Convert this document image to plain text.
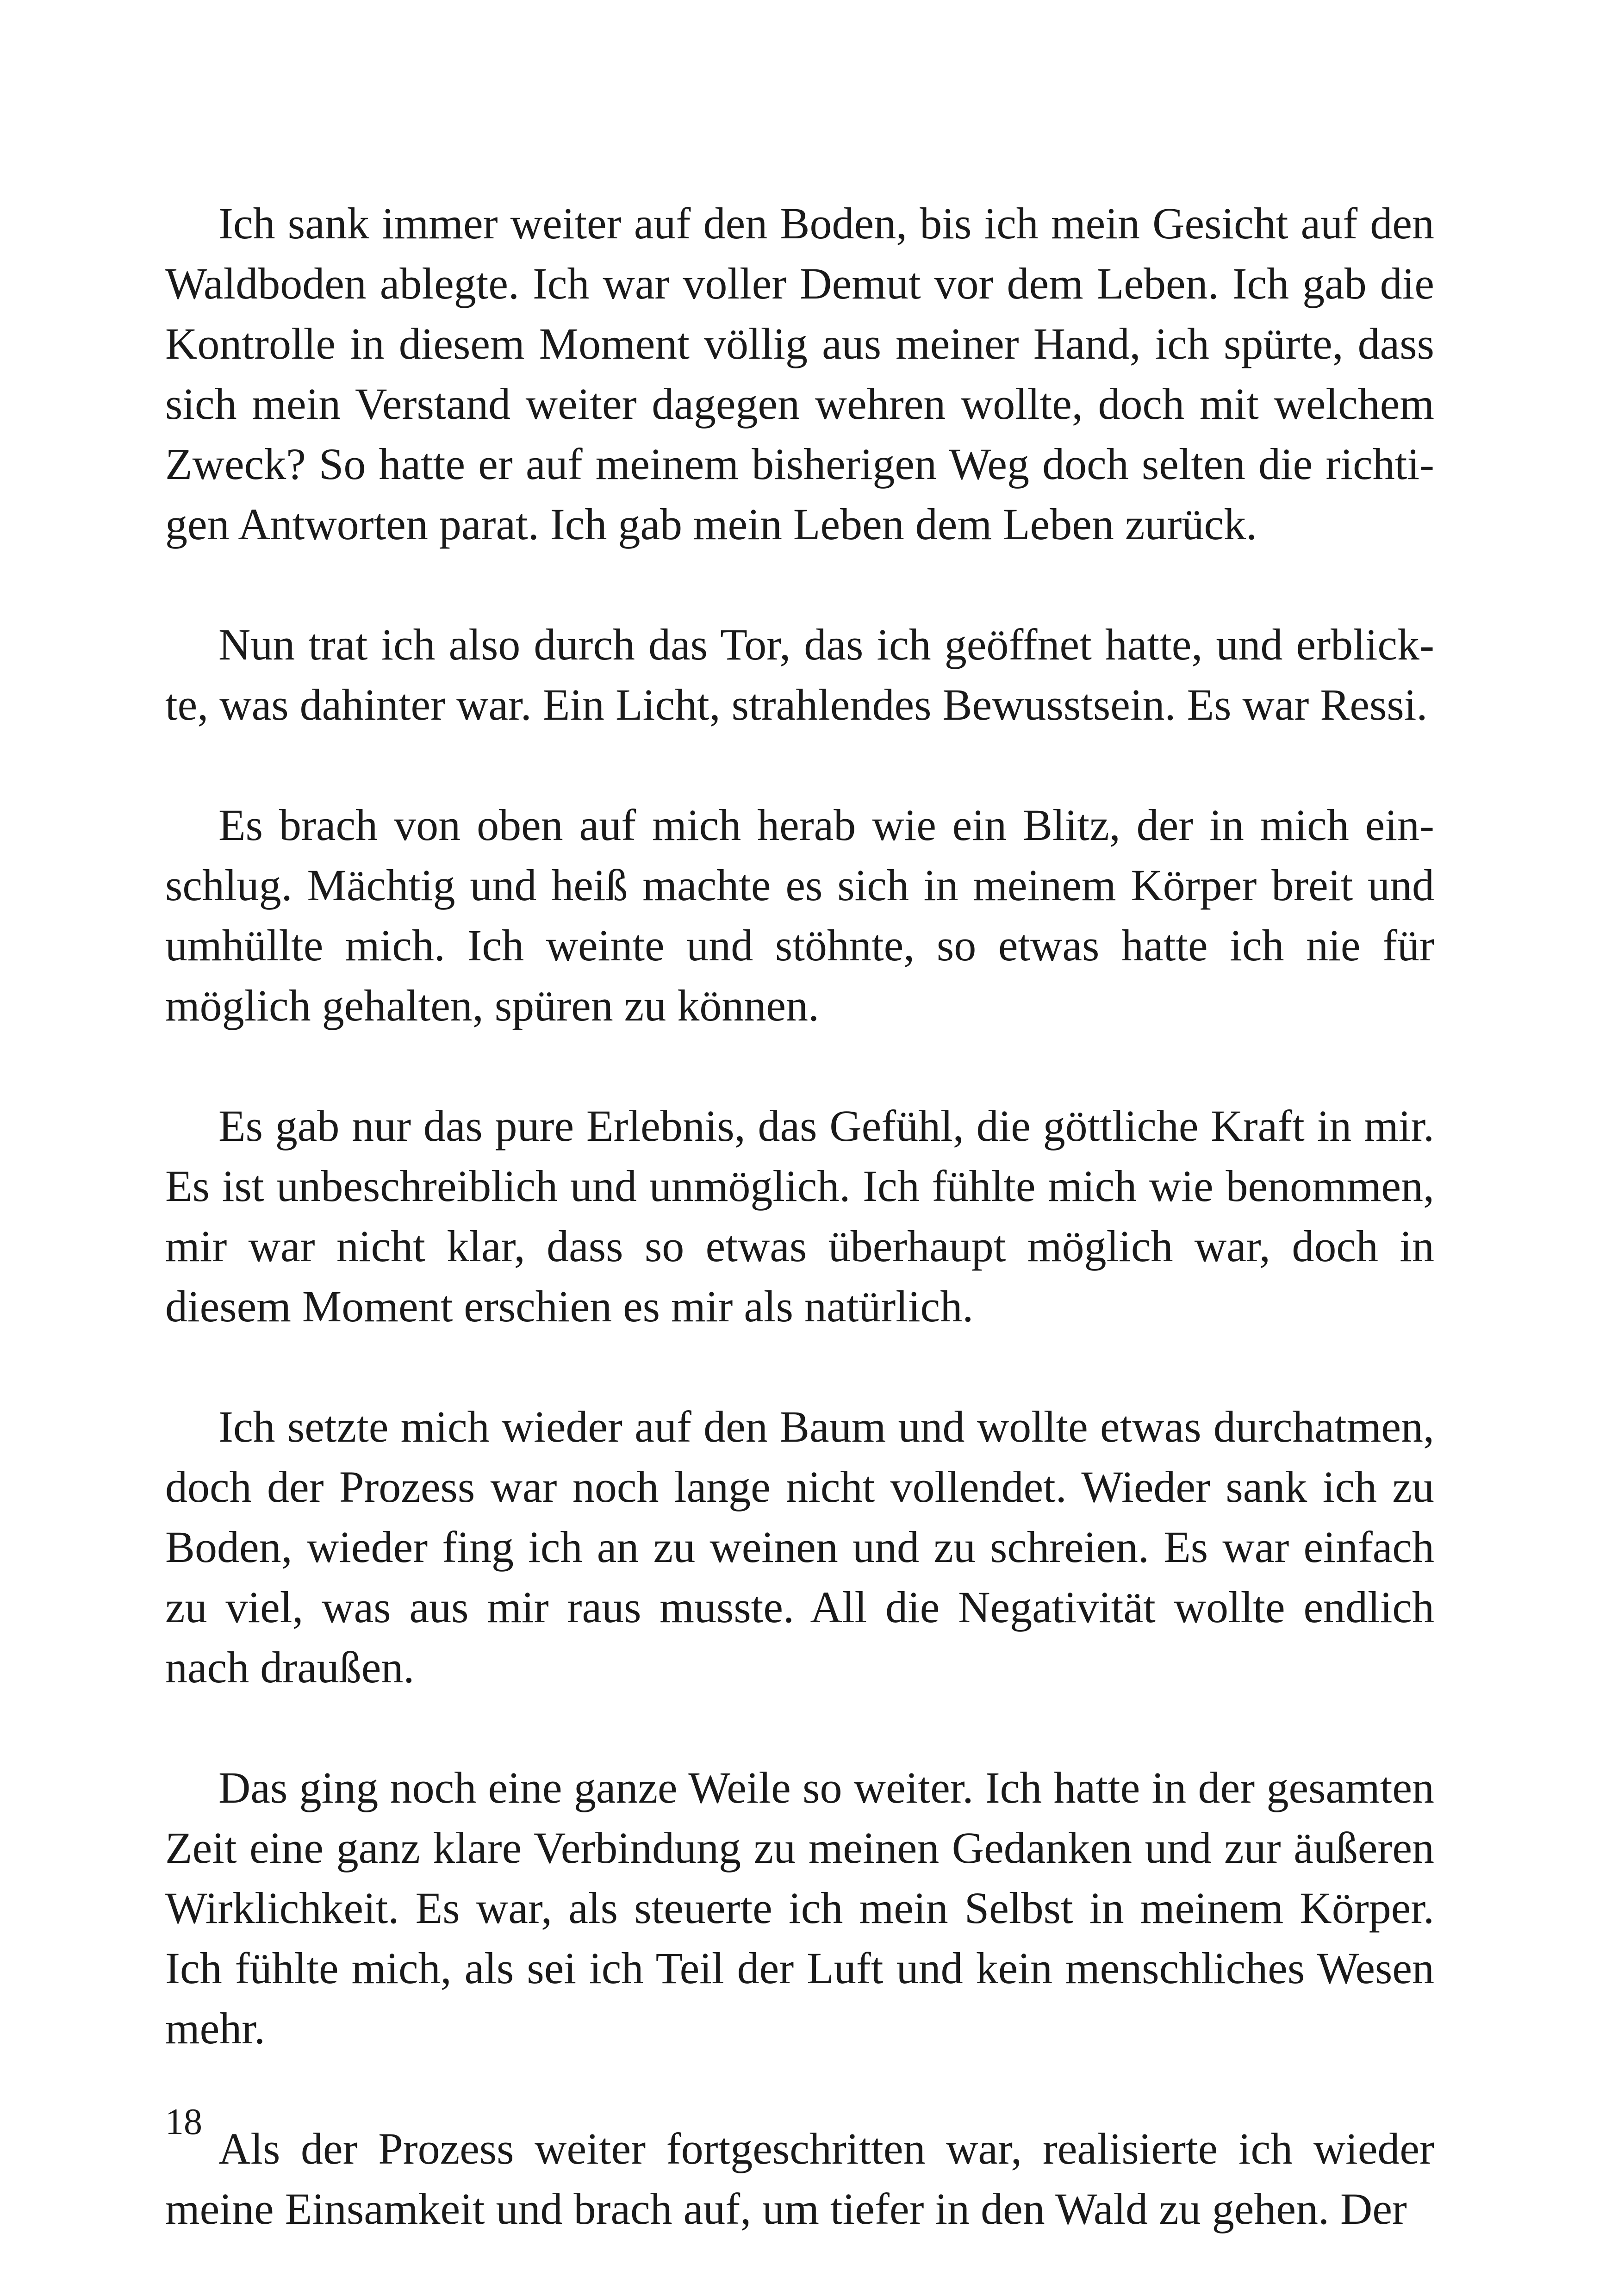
Ich sank immer weiter auf den Boden, bis ich mein Gesicht auf den Waldboden ablegte. Ich war voller Demut vor dem Leben. Ich gab die Kontrolle in diesem Moment völlig aus meiner Hand, ich spürte, dass sich mein Verstand weiter dagegen wehren wollte, doch mit welchem Zweck? So hatte er auf meinem bisherigen Weg doch selten die richtigen Antworten parat. Ich gab mein Leben dem Leben zurück.

Nun trat ich also durch das Tor, das ich geöffnet hatte, und erblickte, was dahinter war. Ein Licht, strahlendes Bewusstsein. Es war Ressi.

Es brach von oben auf mich herab wie ein Blitz, der in mich einschlug. Mächtig und heiß machte es sich in meinem Körper breit und umhüllte mich. Ich weinte und stöhnte, so etwas hatte ich nie für möglich gehalten, spüren zu können.

Es gab nur das pure Erlebnis, das Gefühl, die göttliche Kraft in mir. Es ist unbeschreiblich und unmöglich. Ich fühlte mich wie benommen, mir war nicht klar, dass so etwas überhaupt möglich war, doch in diesem Moment erschien es mir als natürlich.

Ich setzte mich wieder auf den Baum und wollte etwas durchatmen, doch der Prozess war noch lange nicht vollendet. Wieder sank ich zu Boden, wieder fing ich an zu weinen und zu schreien. Es war einfach zu viel, was aus mir raus musste. All die Negativität wollte endlich nach draußen.

Das ging noch eine ganze Weile so weiter. Ich hatte in der gesamten Zeit eine ganz klare Verbindung zu meinen Gedanken und zur äußeren Wirklichkeit. Es war, als steuerte ich mein Selbst in meinem Körper. Ich fühlte mich, als sei ich Teil der Luft und kein menschliches Wesen mehr.

Als der Prozess weiter fortgeschritten war, realisierte ich wieder meine Einsamkeit und brach auf, um tiefer in den Wald zu gehen. Der

18
